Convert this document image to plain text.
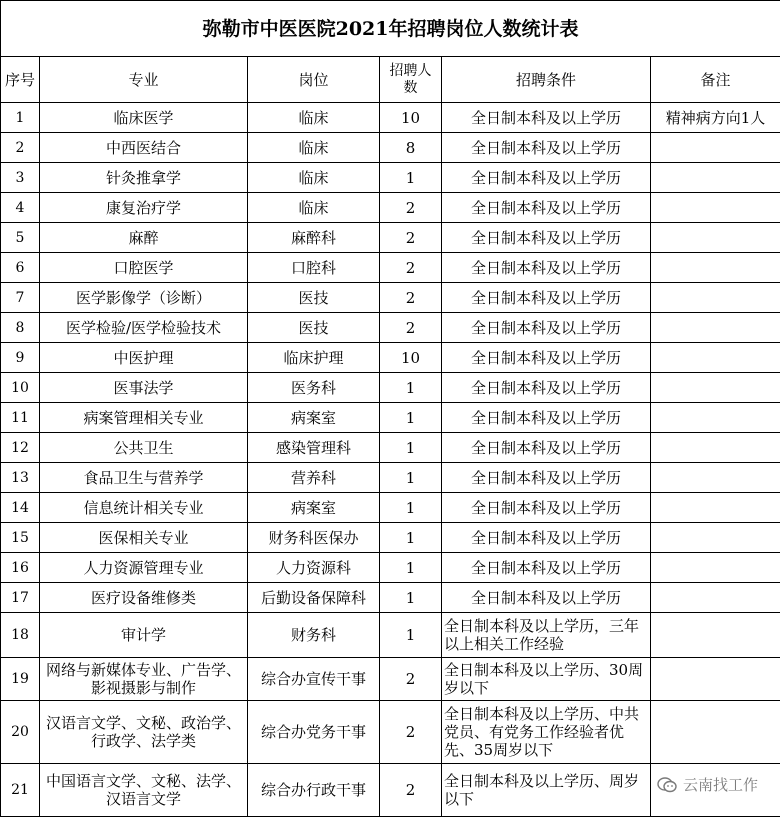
弥勒市中医医院2021年招聘岗位人数统计表					
序号	专业	岗位	招聘人数	招聘条件	备注
1	临床医学	临床	10	全日制本科及以上学历	精神病方向1人
2	中西医结合	临床	8	全日制本科及以上学历	
3	针灸推拿学	临床	1	全日制本科及以上学历	
4	康复治疗学	临床	2	全日制本科及以上学历	
5	麻醉	麻醉科	2	全日制本科及以上学历	
6	口腔医学	口腔科	2	全日制本科及以上学历	
7	医学影像学（诊断）	医技	2	全日制本科及以上学历	
8	医学检验/医学检验技术	医技	2	全日制本科及以上学历	
9	中医护理	临床护理	10	全日制本科及以上学历	
10	医事法学	医务科	1	全日制本科及以上学历	
11	病案管理相关专业	病案室	1	全日制本科及以上学历	
12	公共卫生	感染管理科	1	全日制本科及以上学历	
13	食品卫生与营养学	营养科	1	全日制本科及以上学历	
14	信息统计相关专业	病案室	1	全日制本科及以上学历	
15	医保相关专业	财务科医保办	1	全日制本科及以上学历	
16	人力资源管理专业	人力资源科	1	全日制本科及以上学历	
17	医疗设备维修类	后勤设备保障科	1	全日制本科及以上学历	
18	审计学	财务科	1	全日制本科及以上学历，三年以上相关工作经验	
19	网络与新媒体专业、广告学、影视摄影与制作	综合办宣传干事	2	全日制本科及以上学历、30周岁以下	
20	汉语言文学、文秘、政治学、行政学、法学类	综合办党务干事	2	全日制本科及以上学历、中共党员、有党务工作经验者优先、35周岁以下	
21	中国语言文学、文秘、法学、汉语言文学	综合办行政干事	2	全日制本科及以上学历、周岁以下	
云南找工作
